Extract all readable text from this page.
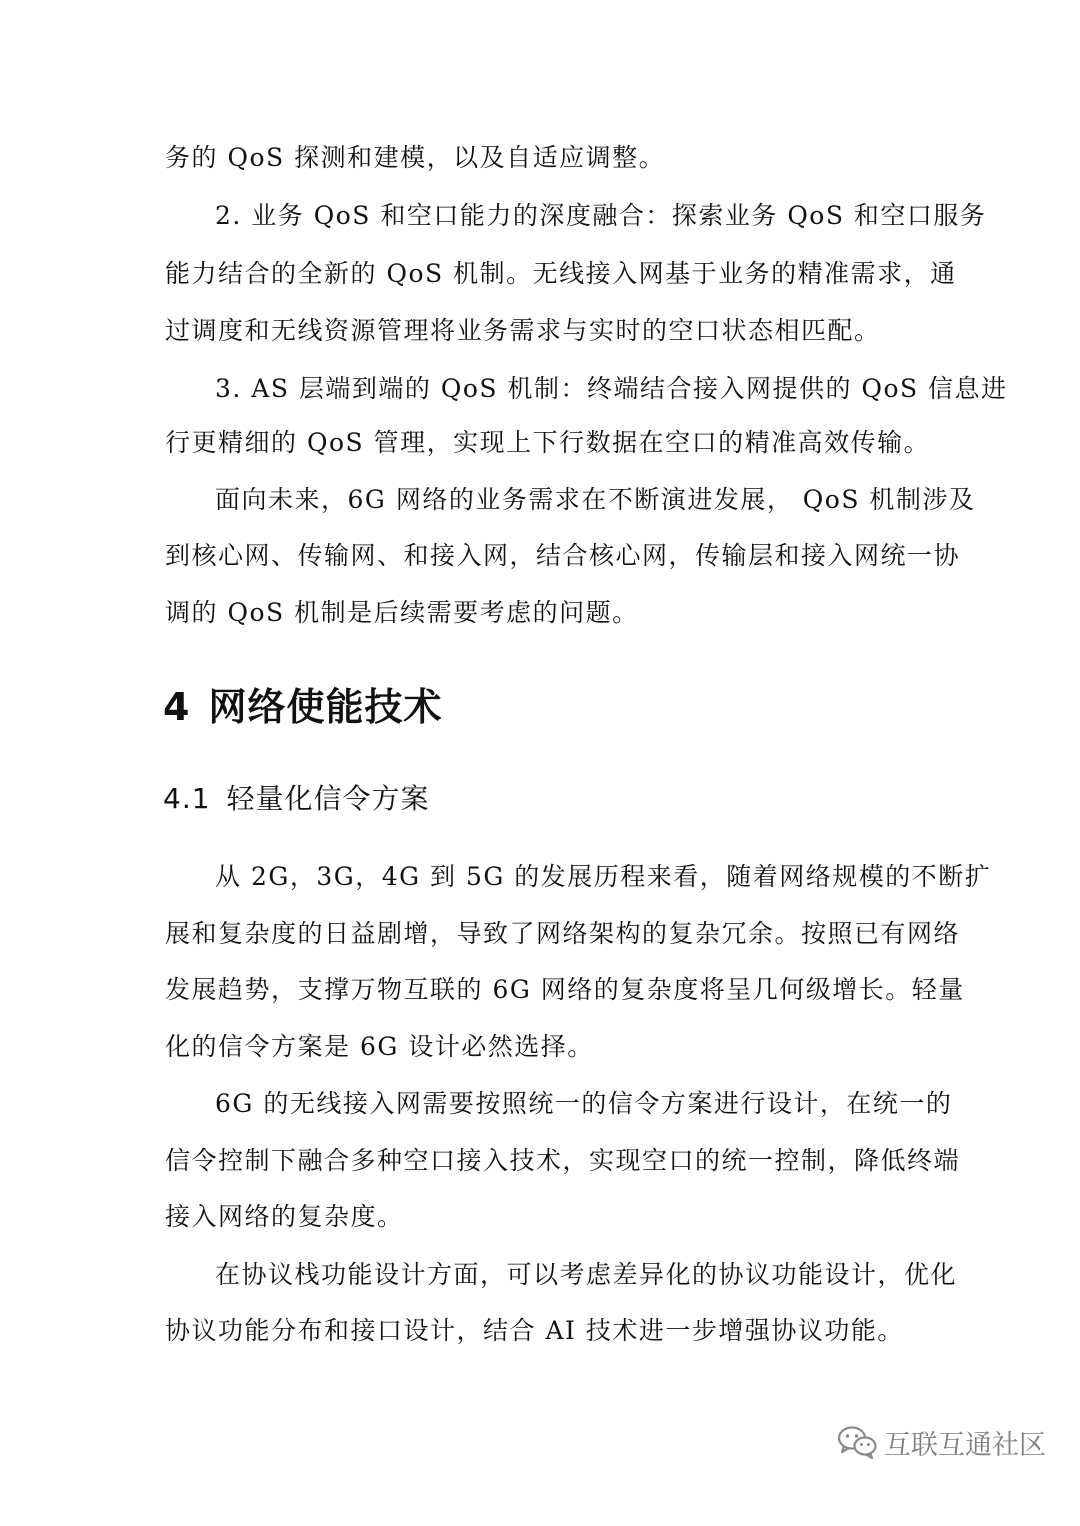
务的 QoS 探测和建模，以及自适应调整。
2. 业务 QoS 和空口能力的深度融合：探索业务 QoS 和空口服务
能力结合的全新的 QoS 机制。无线接入网基于业务的精准需求，通
过调度和无线资源管理将业务需求与实时的空口状态相匹配。
3. AS 层端到端的 QoS 机制：终端结合接入网提供的 QoS 信息进
行更精细的 QoS 管理，实现上下行数据在空口的精准高效传输。
面向未来，6G 网络的业务需求在不断演进发展， QoS 机制涉及
到核心网、传输网、和接入网，结合核心网，传输层和接入网统一协
调的 QoS 机制是后续需要考虑的问题。
4 网络使能技术
4.1 轻量化信令方案
从 2G，3G，4G 到 5G 的发展历程来看，随着网络规模的不断扩
展和复杂度的日益剧增，导致了网络架构的复杂冗余。按照已有网络
发展趋势，支撑万物互联的 6G 网络的复杂度将呈几何级增长。轻量
化的信令方案是 6G 设计必然选择。
6G 的无线接入网需要按照统一的信令方案进行设计，在统一的
信令控制下融合多种空口接入技术，实现空口的统一控制，降低终端
接入网络的复杂度。
在协议栈功能设计方面，可以考虑差异化的协议功能设计，优化
协议功能分布和接口设计，结合 AI 技术进一步增强协议功能。
互联互通社区
